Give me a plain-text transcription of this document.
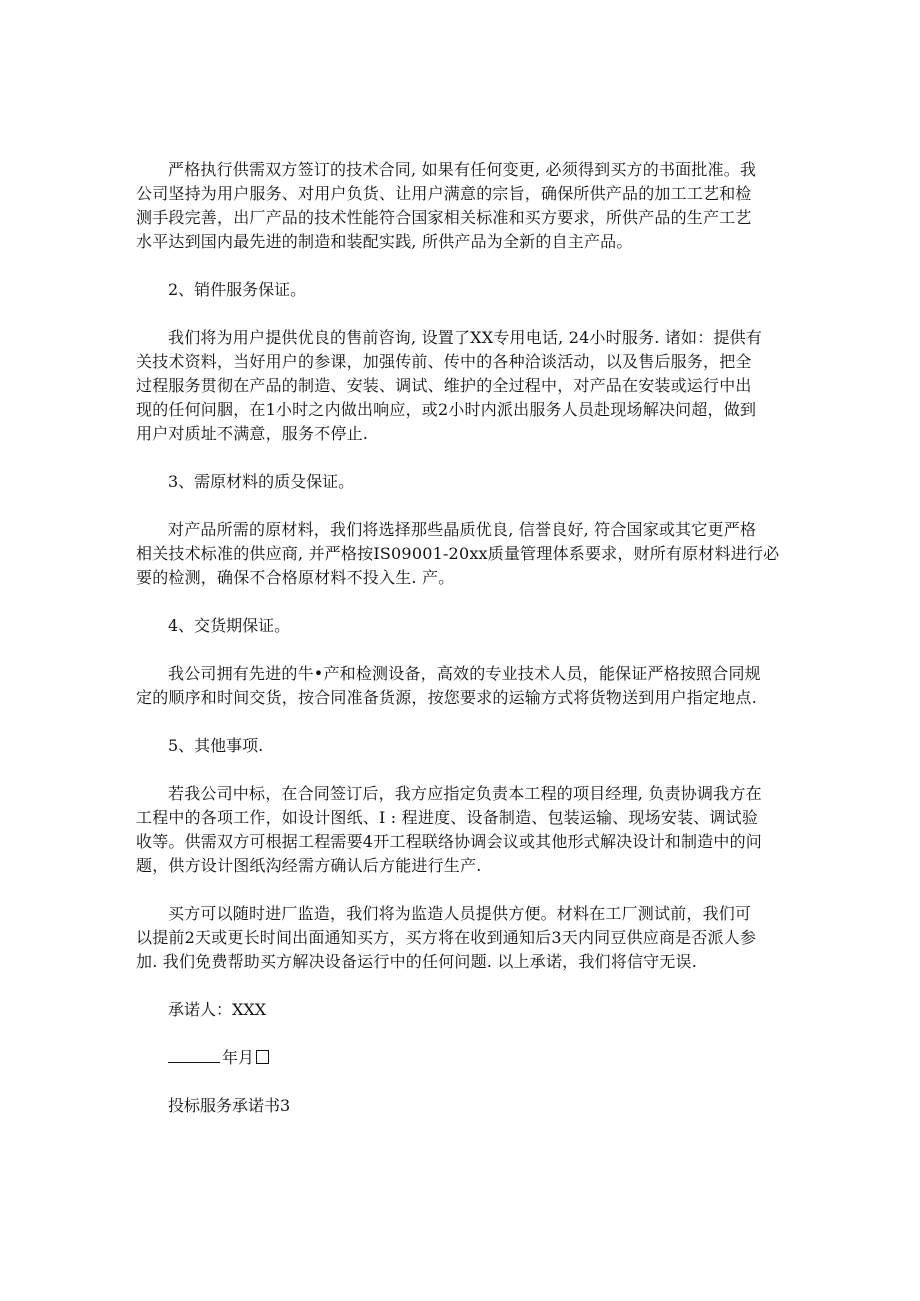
严格执行供需双方签订的技术合同, 如果有任何变更, 必须得到买方的书面批准。我
公司坚持为用户服务、对用户负货、让用户满意的宗旨，确保所供产品的加工工艺和检
测手段完善，出厂产品的技术性能符合国家相关标准和买方要求，所供产品的生产工艺
水平达到国内最先进的制造和装配实践, 所供产品为全新的自主产品。

2、销件服务保证。

我们将为用户提供优良的售前咨询, 设置了XX专用电话, 24小时服务. 诸如：提供有
关技术资料，当好用户的参课，加强传前、传中的各种洽谈活动，以及售后服务，把全
过程服务贯彻在产品的制造、安装、调试、维护的全过程中，对产品在安装或运行中出
现的任何问胭，在1小时之内做出响应，或2小时内派出服务人员赴现场解决问超，做到
用户对质址不满意，服务不停止.

3、需原材料的质殳保证。

对产品所需的原材料，我们将选择那些晶质优良, 信誉良好, 符合国家或其它更严格
相关技术标准的供应商, 并严格按IS09001-20xx质量管理体系要求，财所有原材料进行必
要的检测，确保不合格原材料不投入生. 产。

4、交货期保证。

我公司拥有先进的牛•产和检测设备，高效的专业技术人员，能保证严格按照合同规
定的顺序和时间交货，按合同准备货源，按您要求的运输方式将货物送到用户指定地点.

5、其他事项.

若我公司中标，在合同签订后，我方应指定负责本工程的项目经理, 负责协调我方在
工程中的各项工作，如设计图纸、I : 程进度、设备制造、包装运输、现场安装、调试验
收等。供需双方可根据工程需要4开工程联络协调会议或其他形式解决设计和制造中的问
题，供方设计图纸沟经需方确认后方能进行生产.

买方可以随时进厂监造，我们将为监造人员提供方便。材料在工厂测试前，我们可
以提前2天或更长时间出面通知买方，买方将在收到通知后3天内同豆供应商是否派人参
加. 我们免费帮助买方解决设备运行中的任何问题. 以上承诺，我们将信守无误.

承诺人：XXX

年月

投标服务承诺书3
